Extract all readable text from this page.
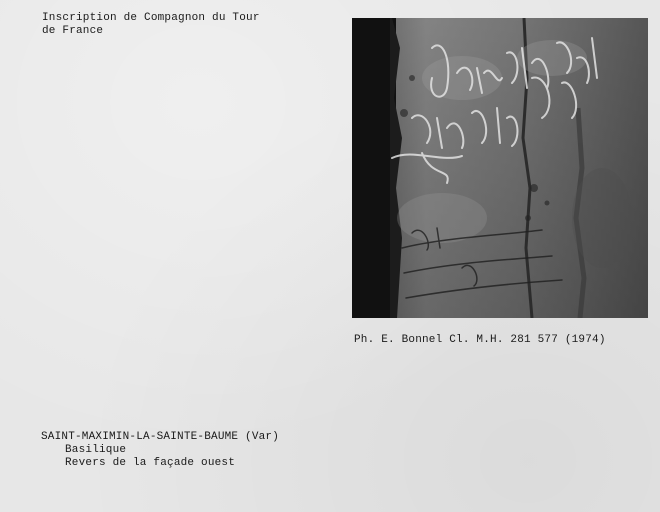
Inscription de Compagnon du Tour
de France
Ph. E. Bonnel Cl. M.H. 281 577 (1974)
SAINT-MAXIMIN-LA-SAINTE-BAUME (Var)
Basilique
Revers de la façade ouest
